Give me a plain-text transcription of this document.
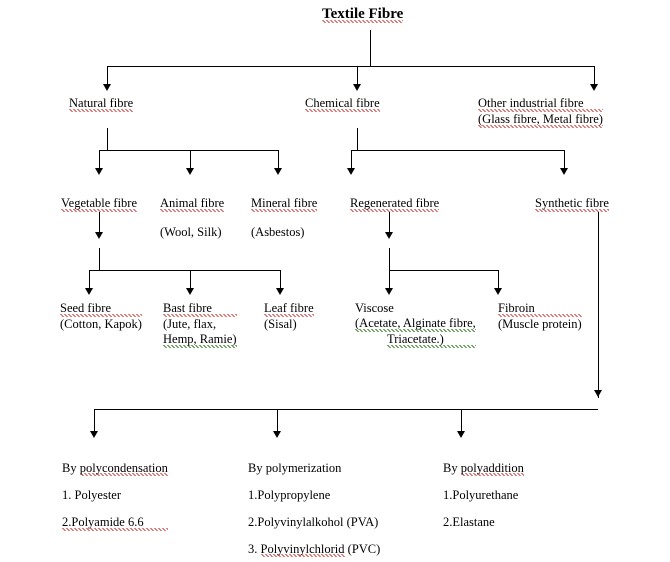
Textile Fibre
Natural fibre	Chemical fibre	Other industrial fibre
(Glass fibre, Metal fibre)
Vegetable fibre Animal fibre
(Wool, Silk)
Mineral fibre
(Asbestos)
Regenerated fibre	Synthetic fibre
Seed fibre
(Cotton, Kapok)
Bast fibre
(Jute, flax,
Hemp, Ramie)
Leaf fibre
(Sisal)
Viscose
(Acetate, Alginate fibre,
Triacetate.)
Fibroin
(Muscle protein)
By polycondensation
1. Polyester
2.Polyamide 6.6
By polymerization
1.Polypropylene
2.Polyvinylalkohol (PVA)
3. Polyvinylchlorid (PVC)
By polyaddition
1.Polyurethane
2.Elastane
